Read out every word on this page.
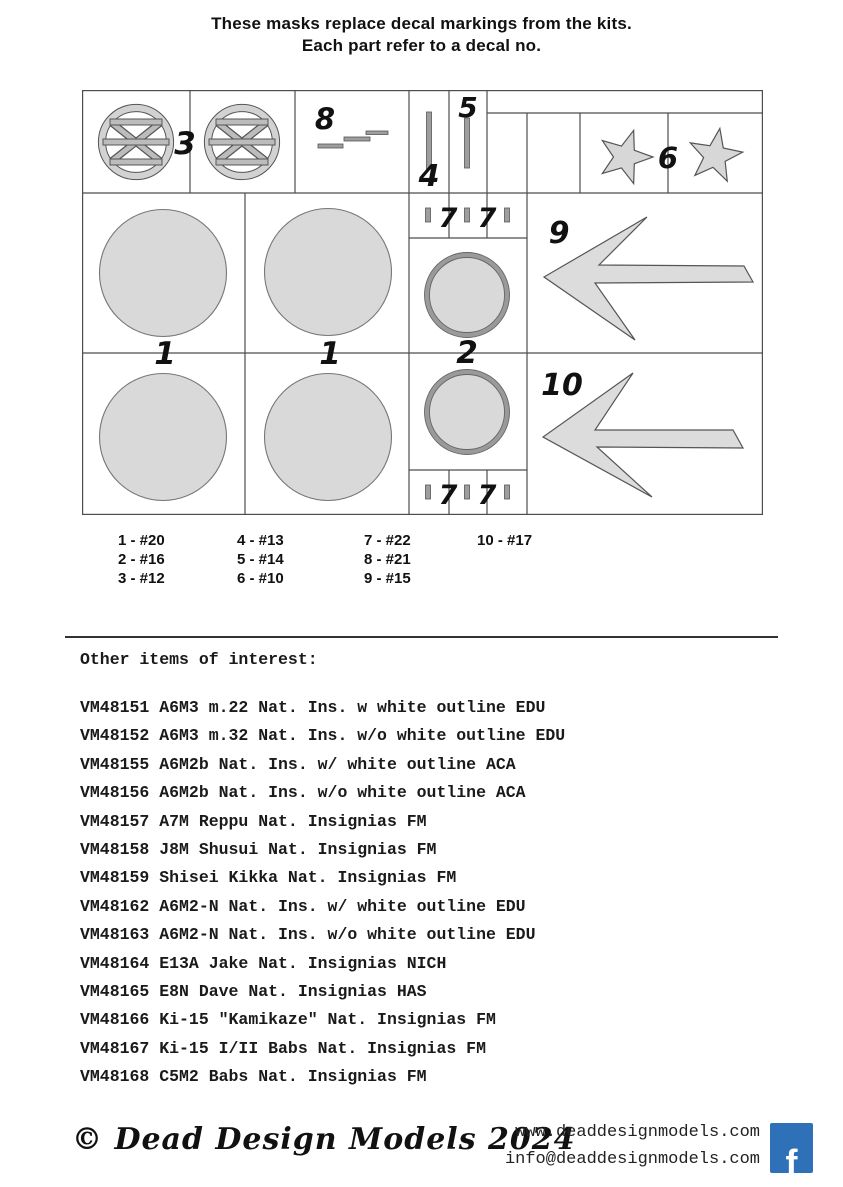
These masks replace decal markings from the kits.
Each part refer to a decal no.
3
8
4
5
6
7 7
7 7
1	1	2
9
10
1 - #20
2 - #16
3 - #12
4 - #13
5 - #14
6 - #10
7 - #22
8 - #21
9 - #15
10 - #17
Other items of interest:
VM48151 A6M3 m.22 Nat. Ins. w white outline EDU
VM48152 A6M3 m.32 Nat. Ins. w/o white outline EDU
VM48155 A6M2b Nat. Ins. w/ white outline ACA
VM48156 A6M2b Nat. Ins. w/o white outline ACA
VM48157 A7M Reppu Nat. Insignias FM
VM48158 J8M Shusui Nat. Insignias FM
VM48159 Shisei Kikka Nat. Insignias FM
VM48162 A6M2-N Nat. Ins. w/ white outline EDU
VM48163 A6M2-N Nat. Ins. w/o white outline EDU
VM48164 E13A Jake Nat. Insignias NICH
VM48165 E8N Dave Nat. Insignias HAS
VM48166 Ki-15 "Kamikaze" Nat. Insignias FM
VM48167 Ki-15 I/II Babs Nat. Insignias FM
VM48168 C5M2 Babs Nat. Insignias FM
© Dead Design Models 2024
www.deaddesignmodels.com
info@deaddesignmodels.com f
